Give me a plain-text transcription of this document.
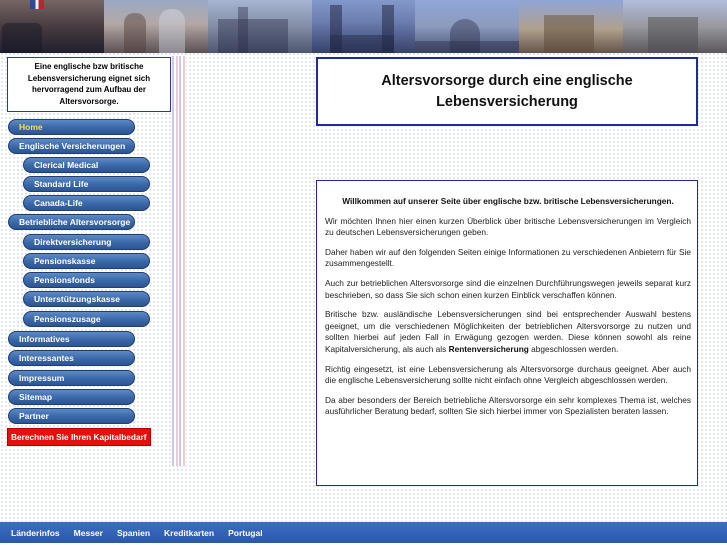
Eine englische bzw britische Lebensversicherung eignet sich hervorragend zum Aufbau der Altersvorsorge.
Home
Englische Versicherungen
Clerical Medical
Standard Life
Canada-Life
Betriebliche Altersvorsorge
Direktversicherung
Pensionskasse
Pensionsfonds
Unterstützungskasse
Pensionszusage
Informatives
Interessantes
Impressum
Sitemap
Partner
Berechnen Sie Ihren Kapitalbedarf
Altersvorsorge durch eine englische
Lebensversicherung
Willkommen auf unserer Seite über englische bzw. britische Lebensversicherungen.

Wir möchten Ihnen hier einen kurzen Überblick über britische Lebensversicherungen im Vergleich zu deutschen Lebensversicherungen geben.

Daher haben wir auf den folgenden Seiten einige Informationen zu verschiedenen Anbietern für Sie zusammengestellt.

Auch zur betrieblichen Altersvorsorge sind die einzelnen Durchführungswegen jeweils separat kurz beschrieben, so dass Sie sich schon einen kurzen Einblick verschaffen können.

Britische bzw. ausländische Lebensversicherungen sind bei entsprechender Auswahl bestens geeignet, um die verschiedenen Möglichkeiten der betrieblichen Altersvorsorge zu nutzen und sollten hierbei auf jeden Fall in Erwägung gezogen werden. Diese können sowohl als reine Kapitalversicherung, als auch als Rentenversicherung abgeschlossen werden.

Richtig eingesetzt, ist eine Lebensversicherung als Altersvorsorge durchaus geeignet. Aber auch die englische Lebensversicherung sollte nicht einfach ohne Vergleich abgeschlossen werden.

Da aber besonders der Bereich betriebliche Altersvorsorge ein sehr komplexes Thema ist, welches ausführlicher Beratung bedarf, sollten Sie sich hierbei immer von Spezialisten beraten lassen.

Länderinfos Messer Spanien Kreditkarten Portugal
